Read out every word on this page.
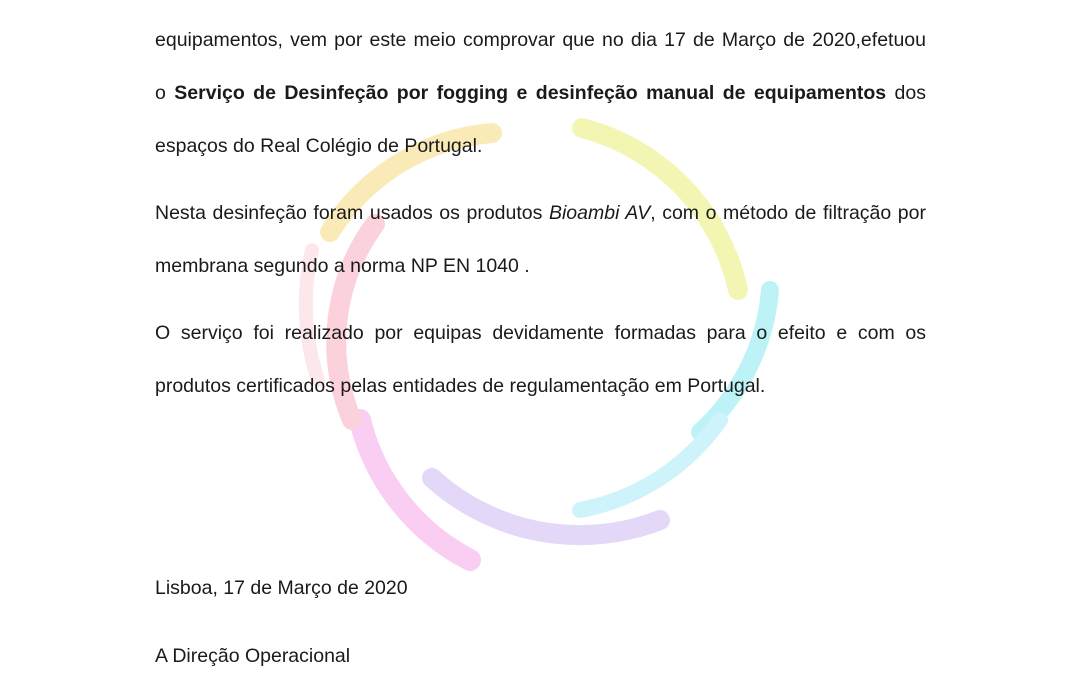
equipamentos, vem por este meio comprovar que no dia 17 de Março de 2020,efetuou
o Serviço de Desinfeção por fogging e desinfeção manual de equipamentos dos
espaços do Real Colégio de Portugal.
Nesta desinfeção foram usados os produtos Bioambi AV, com o método de filtração por
membrana segundo a norma NP EN 1040 .
O serviço foi realizado por equipas devidamente formadas para o efeito e com os
produtos certificados pelas entidades de regulamentação em Portugal.
Lisboa, 17 de Março de 2020
A Direção Operacional
